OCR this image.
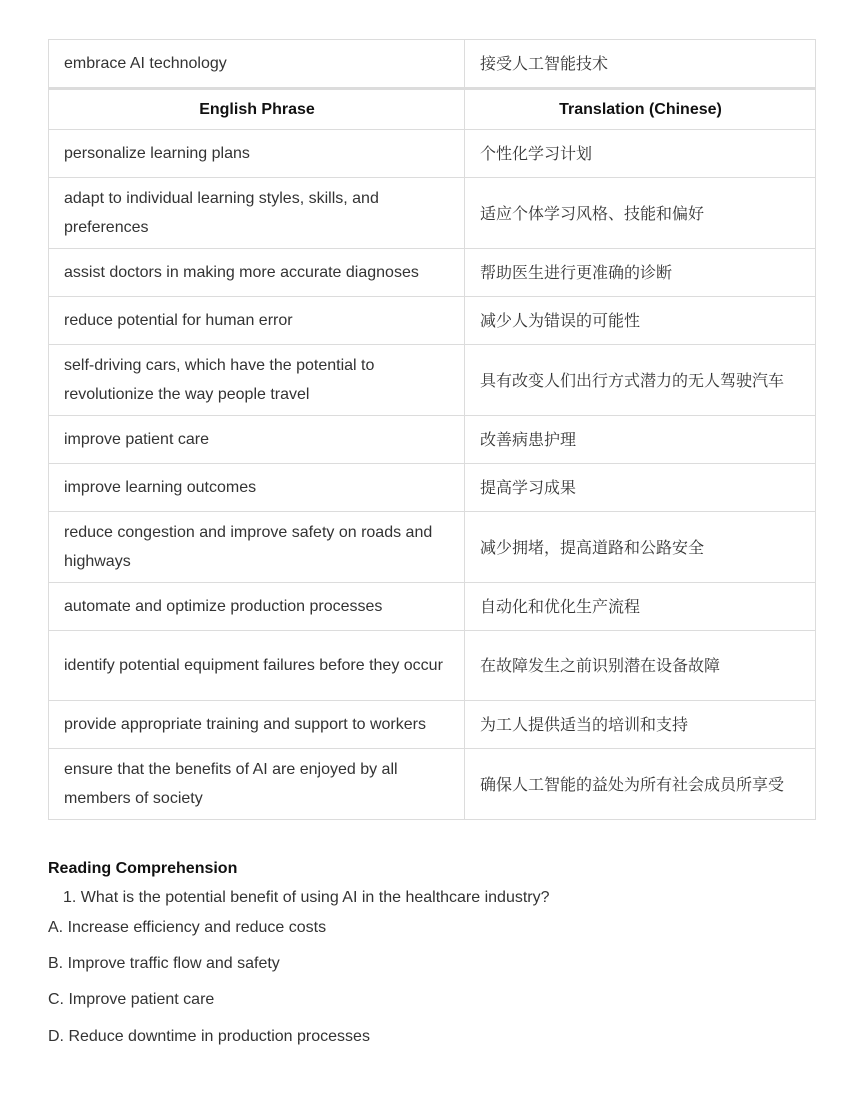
embrace AI technology	接受人工智能技术
English Phrase	Translation (Chinese)
personalize learning plans	个性化学习计划
adapt to individual learning styles, skills, and preferences	适应个体学习风格、技能和偏好
assist doctors in making more accurate diagnoses	帮助医生进行更准确的诊断
reduce potential for human error	减少人为错误的可能性
self-driving cars, which have the potential to revolutionize the way people travel	具有改变人们出行方式潜力的无人驾驶汽车
improve patient care	改善病患护理
improve learning outcomes	提高学习成果
reduce congestion and improve safety on roads and highways	减少拥堵，提高道路和公路安全
automate and optimize production processes	自动化和优化生产流程
identify potential equipment failures before they occur	在故障发生之前识别潜在设备故障
provide appropriate training and support to workers	为工人提供适当的培训和支持
ensure that the benefits of AI are enjoyed by all members of society	确保人工智能的益处为所有社会成员所享受
Reading Comprehension
1. What is the potential benefit of using AI in the healthcare industry?
A. Increase efficiency and reduce costs
B. Improve traffic flow and safety
C. Improve patient care
D. Reduce downtime in production processes
